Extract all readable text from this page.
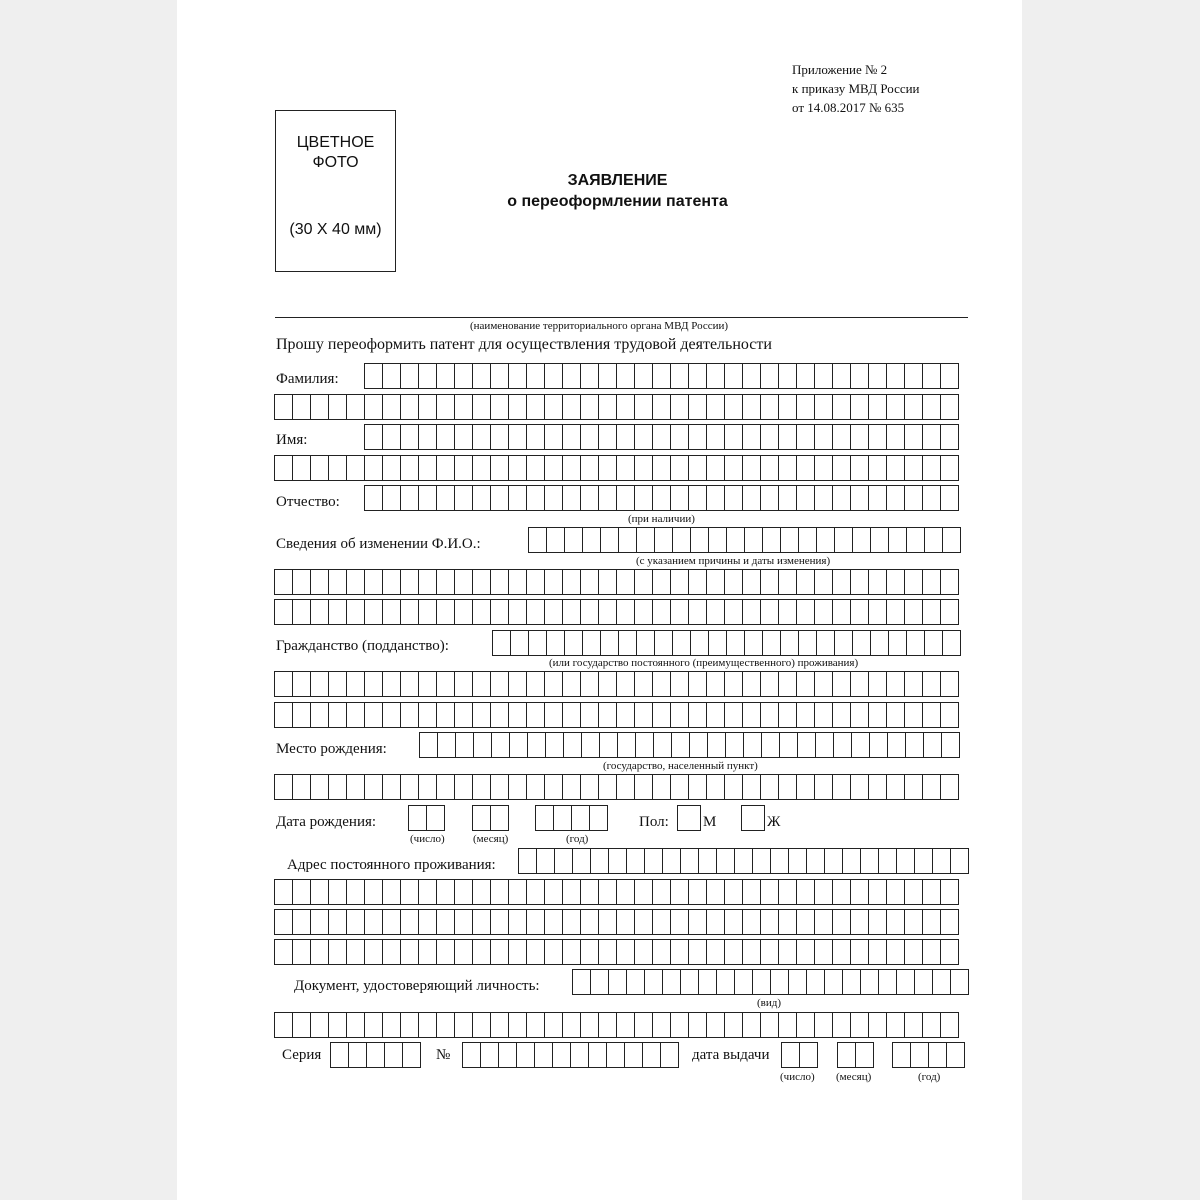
Приложение № 2
к приказу МВД России
от 14.08.2017 № 635
ЦВЕТНОЕ
ФОТО
(30 X 40 мм)
ЗАЯВЛЕНИЕ
о переоформлении патента
(наименование территориального органа МВД России)
Прошу переоформить патент для осуществления трудовой деятельности
Фамилия:
Имя:
Отчество:
(при наличии)
Сведения об изменении Ф.И.О.:
(с указанием причины и даты изменения)
Гражданство (подданство):
(или государство постоянного (преимущественного) проживания)
Место рождения:
(государство, населенный пункт)
Дата рождения:
(число)	(месяц)	(год)
Пол: М	Ж
Адрес постоянного проживания:
Документ, удостоверяющий личность:
(вид)
Серия	№	дата выдачи
(число) (месяц)	(год)
